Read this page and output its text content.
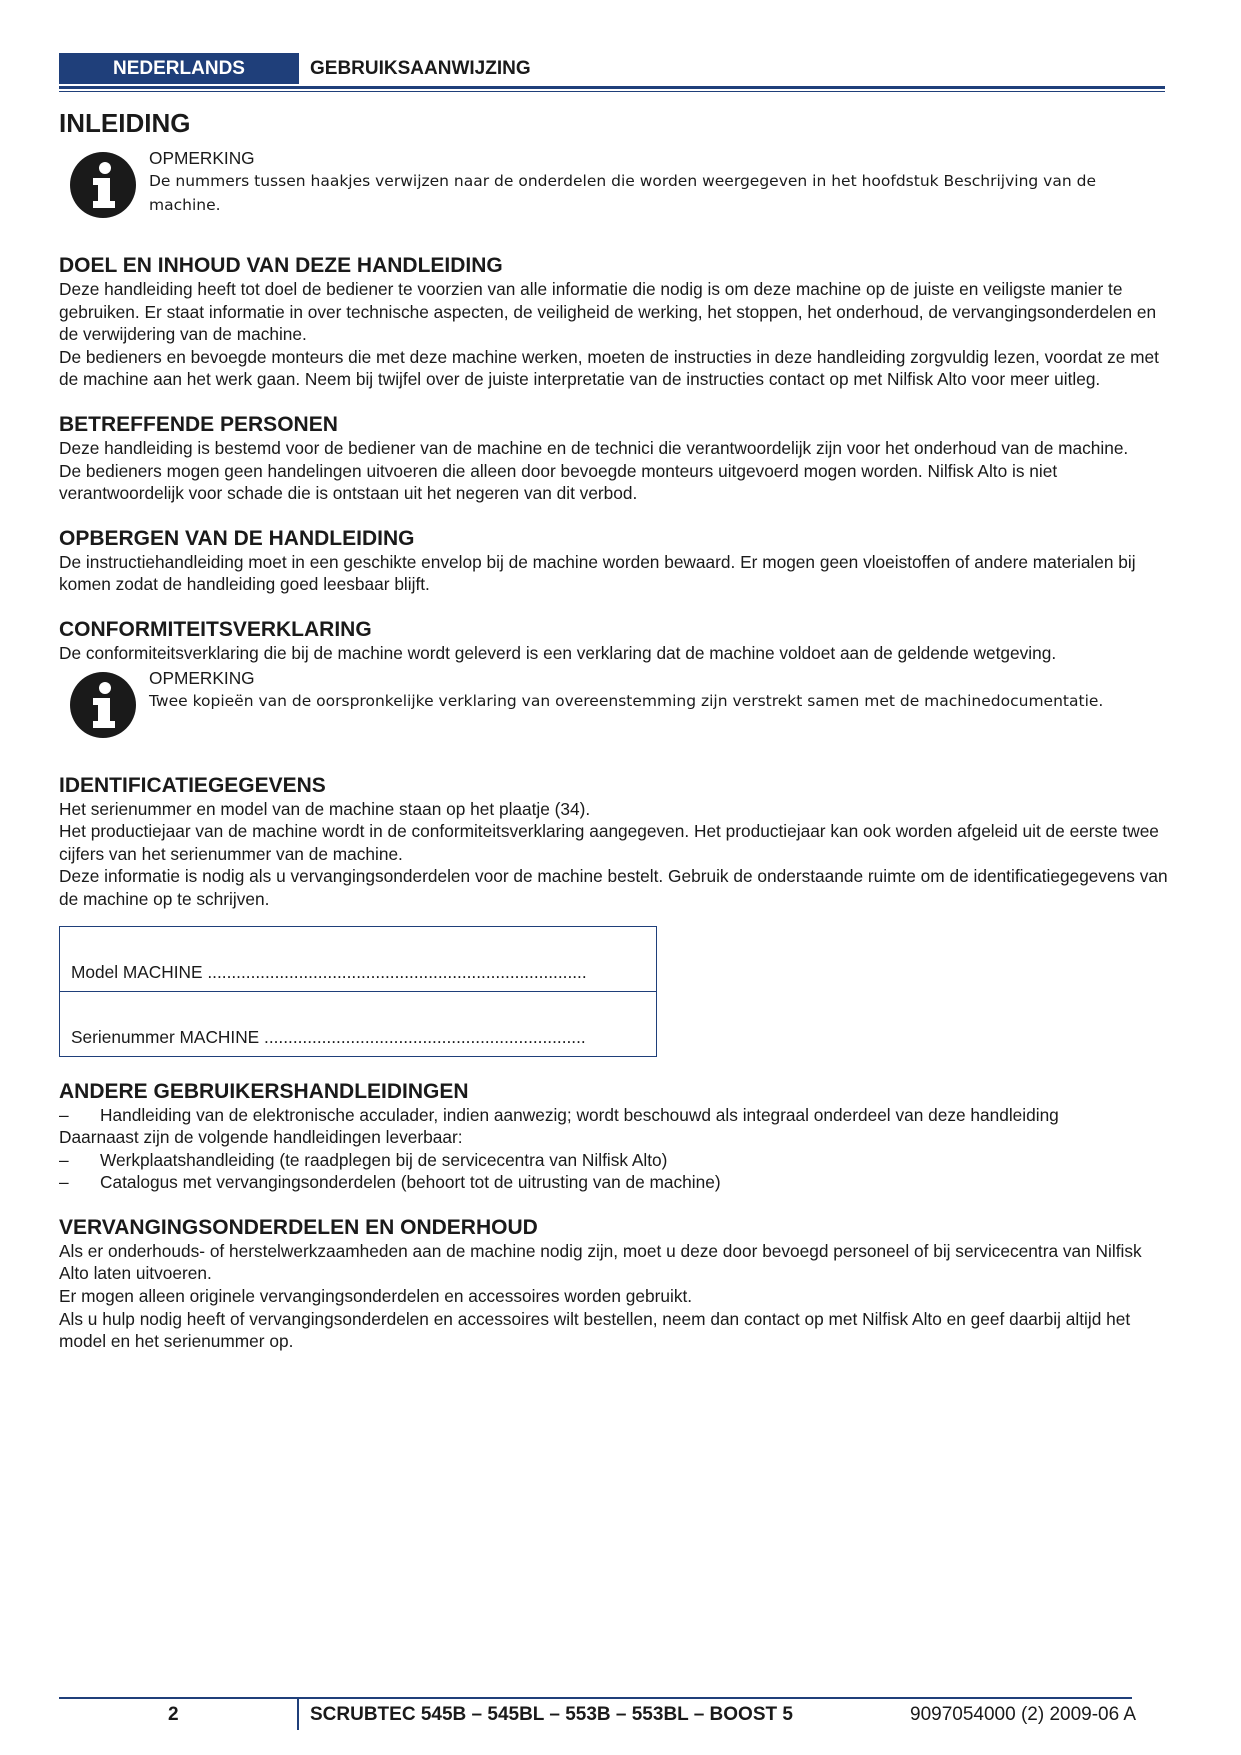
NEDERLANDS	GEBRUIKSAANWIJZING
INLEIDING
OPMERKING
De nummers tussen haakjes verwijzen naar de onderdelen die worden weergegeven in het hoofdstuk Beschrijving van de machine.
DOEL EN INHOUD VAN DEZE HANDLEIDING

Deze handleiding heeft tot doel de bediener te voorzien van alle informatie die nodig is om deze machine op de juiste en veiligste manier te gebruiken. Er staat informatie in over technische aspecten, de veiligheid de werking, het stoppen, het onderhoud, de vervangingsonderdelen en de verwijdering van de machine.

De bedieners en bevoegde monteurs die met deze machine werken, moeten de instructies in deze handleiding zorgvuldig lezen, voordat ze met de machine aan het werk gaan. Neem bij twijfel over de juiste interpretatie van de instructies contact op met Nilfisk Alto voor meer uitleg.

BETREFFENDE PERSONEN

Deze handleiding is bestemd voor de bediener van de machine en de technici die verantwoordelijk zijn voor het onderhoud van de machine.

De bedieners mogen geen handelingen uitvoeren die alleen door bevoegde monteurs uitgevoerd mogen worden. Nilfisk Alto is niet verantwoordelijk voor schade die is ontstaan uit het negeren van dit verbod.

OPBERGEN VAN DE HANDLEIDING

De instructiehandleiding moet in een geschikte envelop bij de machine worden bewaard. Er mogen geen vloeistoffen of andere materialen bij komen zodat de handleiding goed leesbaar blijft.

CONFORMITEITSVERKLARING

De conformiteitsverklaring die bij de machine wordt geleverd is een verklaring dat de machine voldoet aan de geldende wetgeving.

OPMERKING
Twee kopieën van de oorspronkelijke verklaring van overeenstemming zijn verstrekt samen met de machinedocumentatie.
IDENTIFICATIEGEGEVENS

Het serienummer en model van de machine staan op het plaatje (34).

Het productiejaar van de machine wordt in de conformiteitsverklaring aangegeven. Het productiejaar kan ook worden afgeleid uit de eerste twee cijfers van het serienummer van de machine.

Deze informatie is nodig als u vervangingsonderdelen voor de machine bestelt. Gebruik de onderstaande ruimte om de identificatiegegevens van de machine op te schrijven.

Model MACHINE ...............................................................................
Serienummer MACHINE ...................................................................
ANDERE GEBRUIKERSHANDLEIDINGEN
–	Handleiding van de elektronische acculader, indien aanwezig; wordt beschouwd als integraal onderdeel van deze handleiding

Daarnaast zijn de volgende handleidingen leverbaar:

–	Werkplaatshandleiding (te raadplegen bij de servicecentra van Nilfisk Alto)
–	Catalogus met vervangingsonderdelen (behoort tot de uitrusting van de machine)
VERVANGINGSONDERDELEN EN ONDERHOUD

Als er onderhouds- of herstelwerkzaamheden aan de machine nodig zijn, moet u deze door bevoegd personeel of bij servicecentra van Nilfisk Alto laten uitvoeren.

Er mogen alleen originele vervangingsonderdelen en accessoires worden gebruikt.

Als u hulp nodig heeft of vervangingsonderdelen en accessoires wilt bestellen, neem dan contact op met Nilfisk Alto en geef daarbij altijd het model en het serienummer op.

2	SCRUBTEC 545B – 545BL – 553B – 553BL – BOOST 5	9097054000 (2) 2009-06 A
